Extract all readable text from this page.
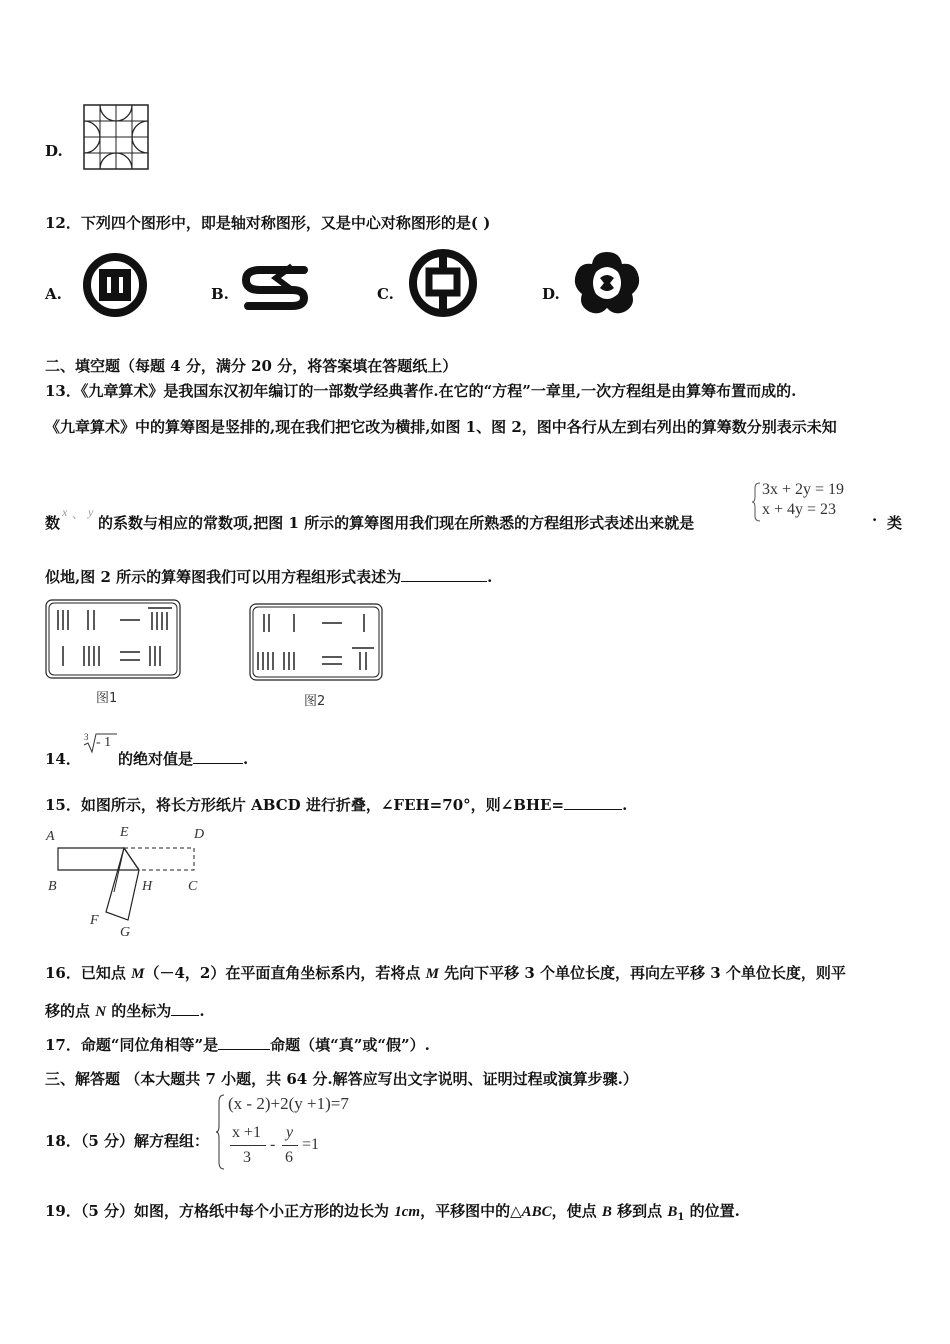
D.
12．下列四个图形中，即是轴对称图形，又是中心对称图形的是( )
A.	B.	C.	D.
二、填空题（每题 4 分，满分 20 分，将答案填在答题纸上）
13．《九章算术》是我国东汉初年编订的一部数学经典著作.在它的“方程”一章里,一次方程组是由算筹布置而成的.
《九章算术》中的算筹图是竖排的,现在我们把它改为横排,如图 1、图 2，图中各行从左到右列出的算筹数分别表示未知
数
x 、 y
的系数与相应的常数项,把图 1 所示的算筹图用我们现在所熟悉的方程组形式表述出来就是
3x + 2y = 19
x + 4y = 23 . 类
似地,图 2 所示的算筹图我们可以用方程组形式表述为	.
图1	图2
14．
3 - 1
的绝对值是	.
15．如图所示，将长方形纸片 ABCD 进行折叠，∠FEH=70°，则∠BHE=	.
A	E	D
B	H	C
F
G
16．已知点 M（－4，2）在平面直角坐标系内，若将点 M 先向下平移 3 个单位长度，再向左平移 3 个单位长度，则平
移的点 N 的坐标为 .
17．命题“同位角相等”是	命题（填“真”或“假”）.
三、解答题 （本大题共 7 小题，共 64 分.解答应写出文字说明、证明过程或演算步骤.）
18．（5 分）解方程组：
(x - 2)+2(y +1)=7
x +1
3
-
y
6
=1
19．（5 分）如图，方格纸中每个小正方形的边长为 1cm，平移图中的△ABC，使点 B 移到点 $B_1$ 的位置.
